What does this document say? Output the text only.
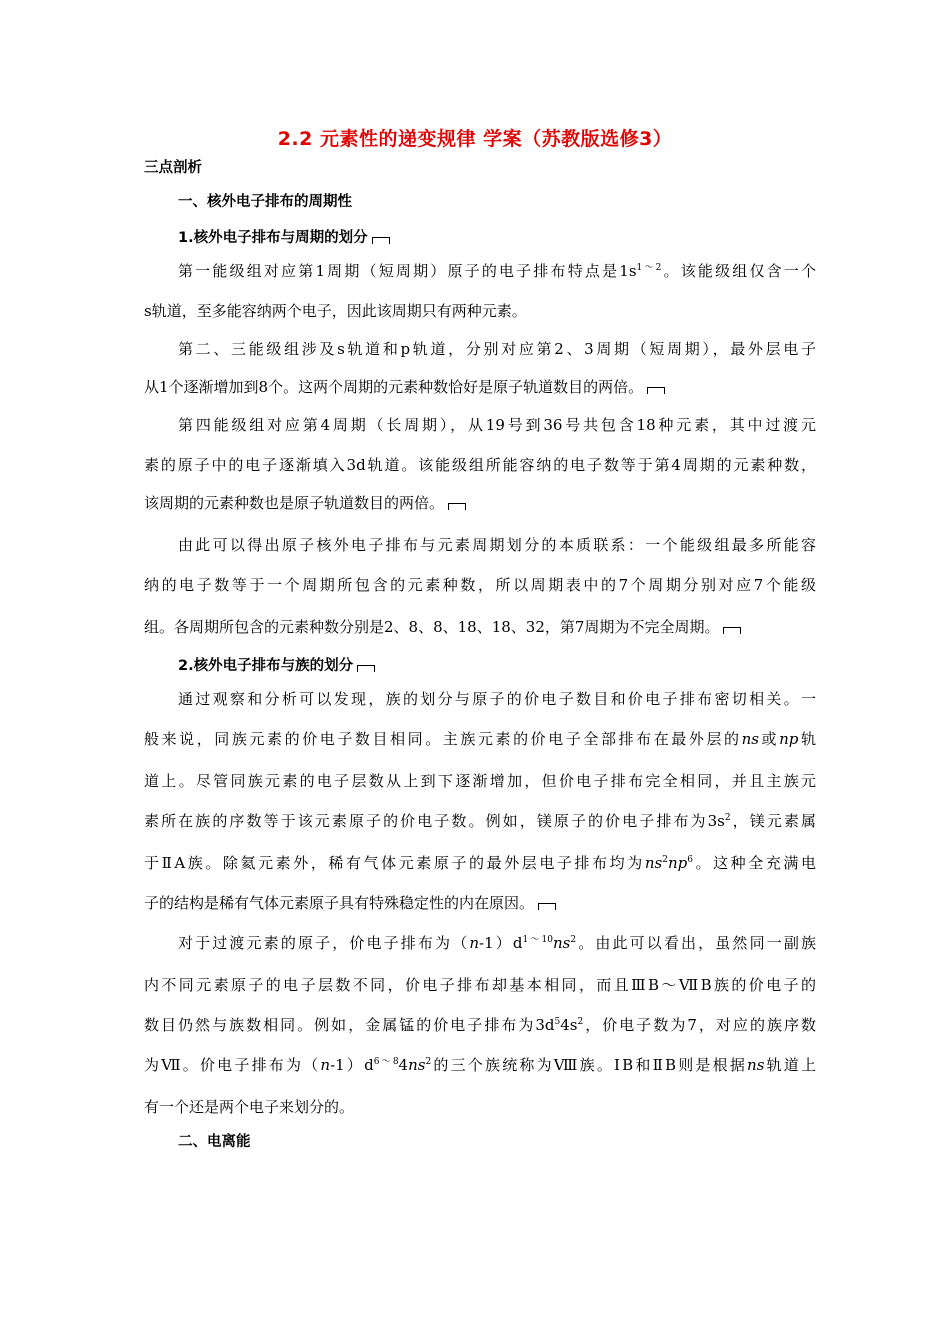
2.2 元素性的递变规律 学案（苏教版选修3）
三点剖析
一、核外电子排布的周期性
1.核外电子排布与周期的划分
第一能级组对应第1周期（短周期）原子的电子排布特点是$1s^{1\sim 2}$。该能级组仅含一个
s轨道，至多能容纳两个电子，因此该周期只有两种元素。
第二、三能级组涉及s轨道和p轨道，分别对应第2、3周期（短周期），最外层电子
从1个逐渐增加到8个。这两个周期的元素种数恰好是原子轨道数目的两倍。
第四能级组对应第4周期（长周期），从19号到36号共包含18种元素，其中过渡元
素的原子中的电子逐渐填入3d轨道。该能级组所能容纳的电子数等于第4周期的元素种数，
该周期的元素种数也是原子轨道数目的两倍。
由此可以得出原子核外电子排布与元素周期划分的本质联系：一个能级组最多所能容
纳的电子数等于一个周期所包含的元素种数，所以周期表中的7个周期分别对应7个能级
组。各周期所包含的元素种数分别是2、8、8、18、18、32，第7周期为不完全周期。
2.核外电子排布与族的划分
通过观察和分析可以发现，族的划分与原子的价电子数目和价电子排布密切相关。一
般来说，同族元素的价电子数目相同。主族元素的价电子全部排布在最外层的ns或np轨
道上。尽管同族元素的电子层数从上到下逐渐增加，但价电子排布完全相同，并且主族元
素所在族的序数等于该元素原子的价电子数。例如，镁原子的价电子排布为$3s^2$，镁元素属
于ⅡA族。除氦元素外，稀有气体元素原子的最外层电子排布均为$ns^2np^6$。这种全充满电
子的结构是稀有气体元素原子具有特殊稳定性的内在原因。
对于过渡元素的原子，价电子排布为$(n-1)d^{1\sim 10}ns^2$。由此可以看出，虽然同一副族
内不同元素原子的电子层数不同，价电子排布却基本相同，而且ⅢB～ⅦB族的价电子的
数目仍然与族数相同。例如，金属锰的价电子排布为$3d^54s^2$，价电子数为7，对应的族序数
为Ⅶ。价电子排布为$(n-1)d^{6\sim 8}4ns^2$的三个族统称为Ⅷ族。ⅠB和ⅡB则是根据ns轨道上
有一个还是两个电子来划分的。
二、电离能
